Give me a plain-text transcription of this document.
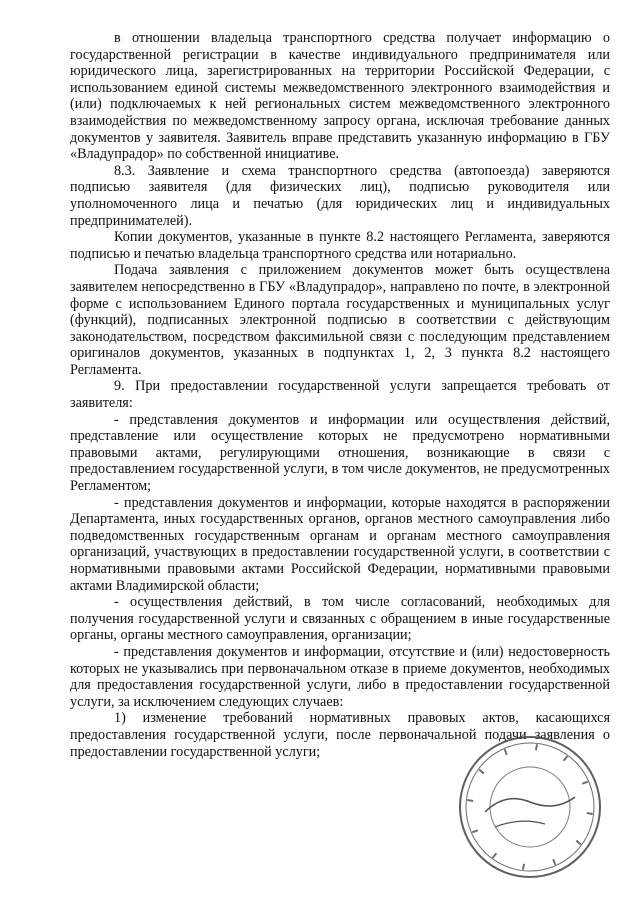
в отношении владельца транспортного средства получает информацию о государственной регистрации в качестве индивидуального предпринимателя или юридического лица, зарегистрированных на территории Российской Федерации, с использованием единой системы межведомственного электронного взаимодействия и (или) подключаемых к ней региональных систем межведомственного электронного взаимодействия по межведомственному запросу органа, исключая требование данных документов у заявителя. Заявитель вправе представить указанную информацию в ГБУ «Владупрадор» по собственной инициативе.

8.3. Заявление и схема транспортного средства (автопоезда) заверяются подписью заявителя (для физических лиц), подписью руководителя или уполномоченного лица и печатью (для юридических лиц и индивидуальных предпринимателей).

Копии документов, указанные в пункте 8.2 настоящего Регламента, заверяются подписью и печатью владельца транспортного средства или нотариально.

Подача заявления с приложением документов может быть осуществлена заявителем непосредственно в ГБУ «Владупрадор», направлено по почте, в электронной форме с использованием Единого портала государственных и муниципальных услуг (функций), подписанных электронной подписью в соответствии с действующим законодательством, посредством факсимильной связи с последующим представлением оригиналов документов, указанных в подпунктах 1, 2, 3 пункта 8.2 настоящего Регламента.

9. При предоставлении государственной услуги запрещается требовать от заявителя:

- представления документов и информации или осуществления действий, представление или осуществление которых не предусмотрено нормативными правовыми актами, регулирующими отношения, возникающие в связи с предоставлением государственной услуги, в том числе документов, не предусмотренных Регламентом;

- представления документов и информации, которые находятся в распоряжении Департамента, иных государственных органов, органов местного самоуправления либо подведомственных государственным органам и органам местного самоуправления организаций, участвующих в предоставлении государственной услуги, в соответствии с нормативными правовыми актами Российской Федерации, нормативными правовыми актами Владимирской области;

- осуществления действий, в том числе согласований, необходимых для получения государственной услуги и связанных с обращением в иные государственные органы, органы местного самоуправления, организации;

- представления документов и информации, отсутствие и (или) недостоверность которых не указывались при первоначальном отказе в приеме документов, необходимых для предоставления государственной услуги, либо в предоставлении государственной услуги, за исключением следующих случаев:

1) изменение требований нормативных правовых актов, касающихся предоставления государственной услуги, после первоначальной подачи заявления о предоставлении государственной услуги;
